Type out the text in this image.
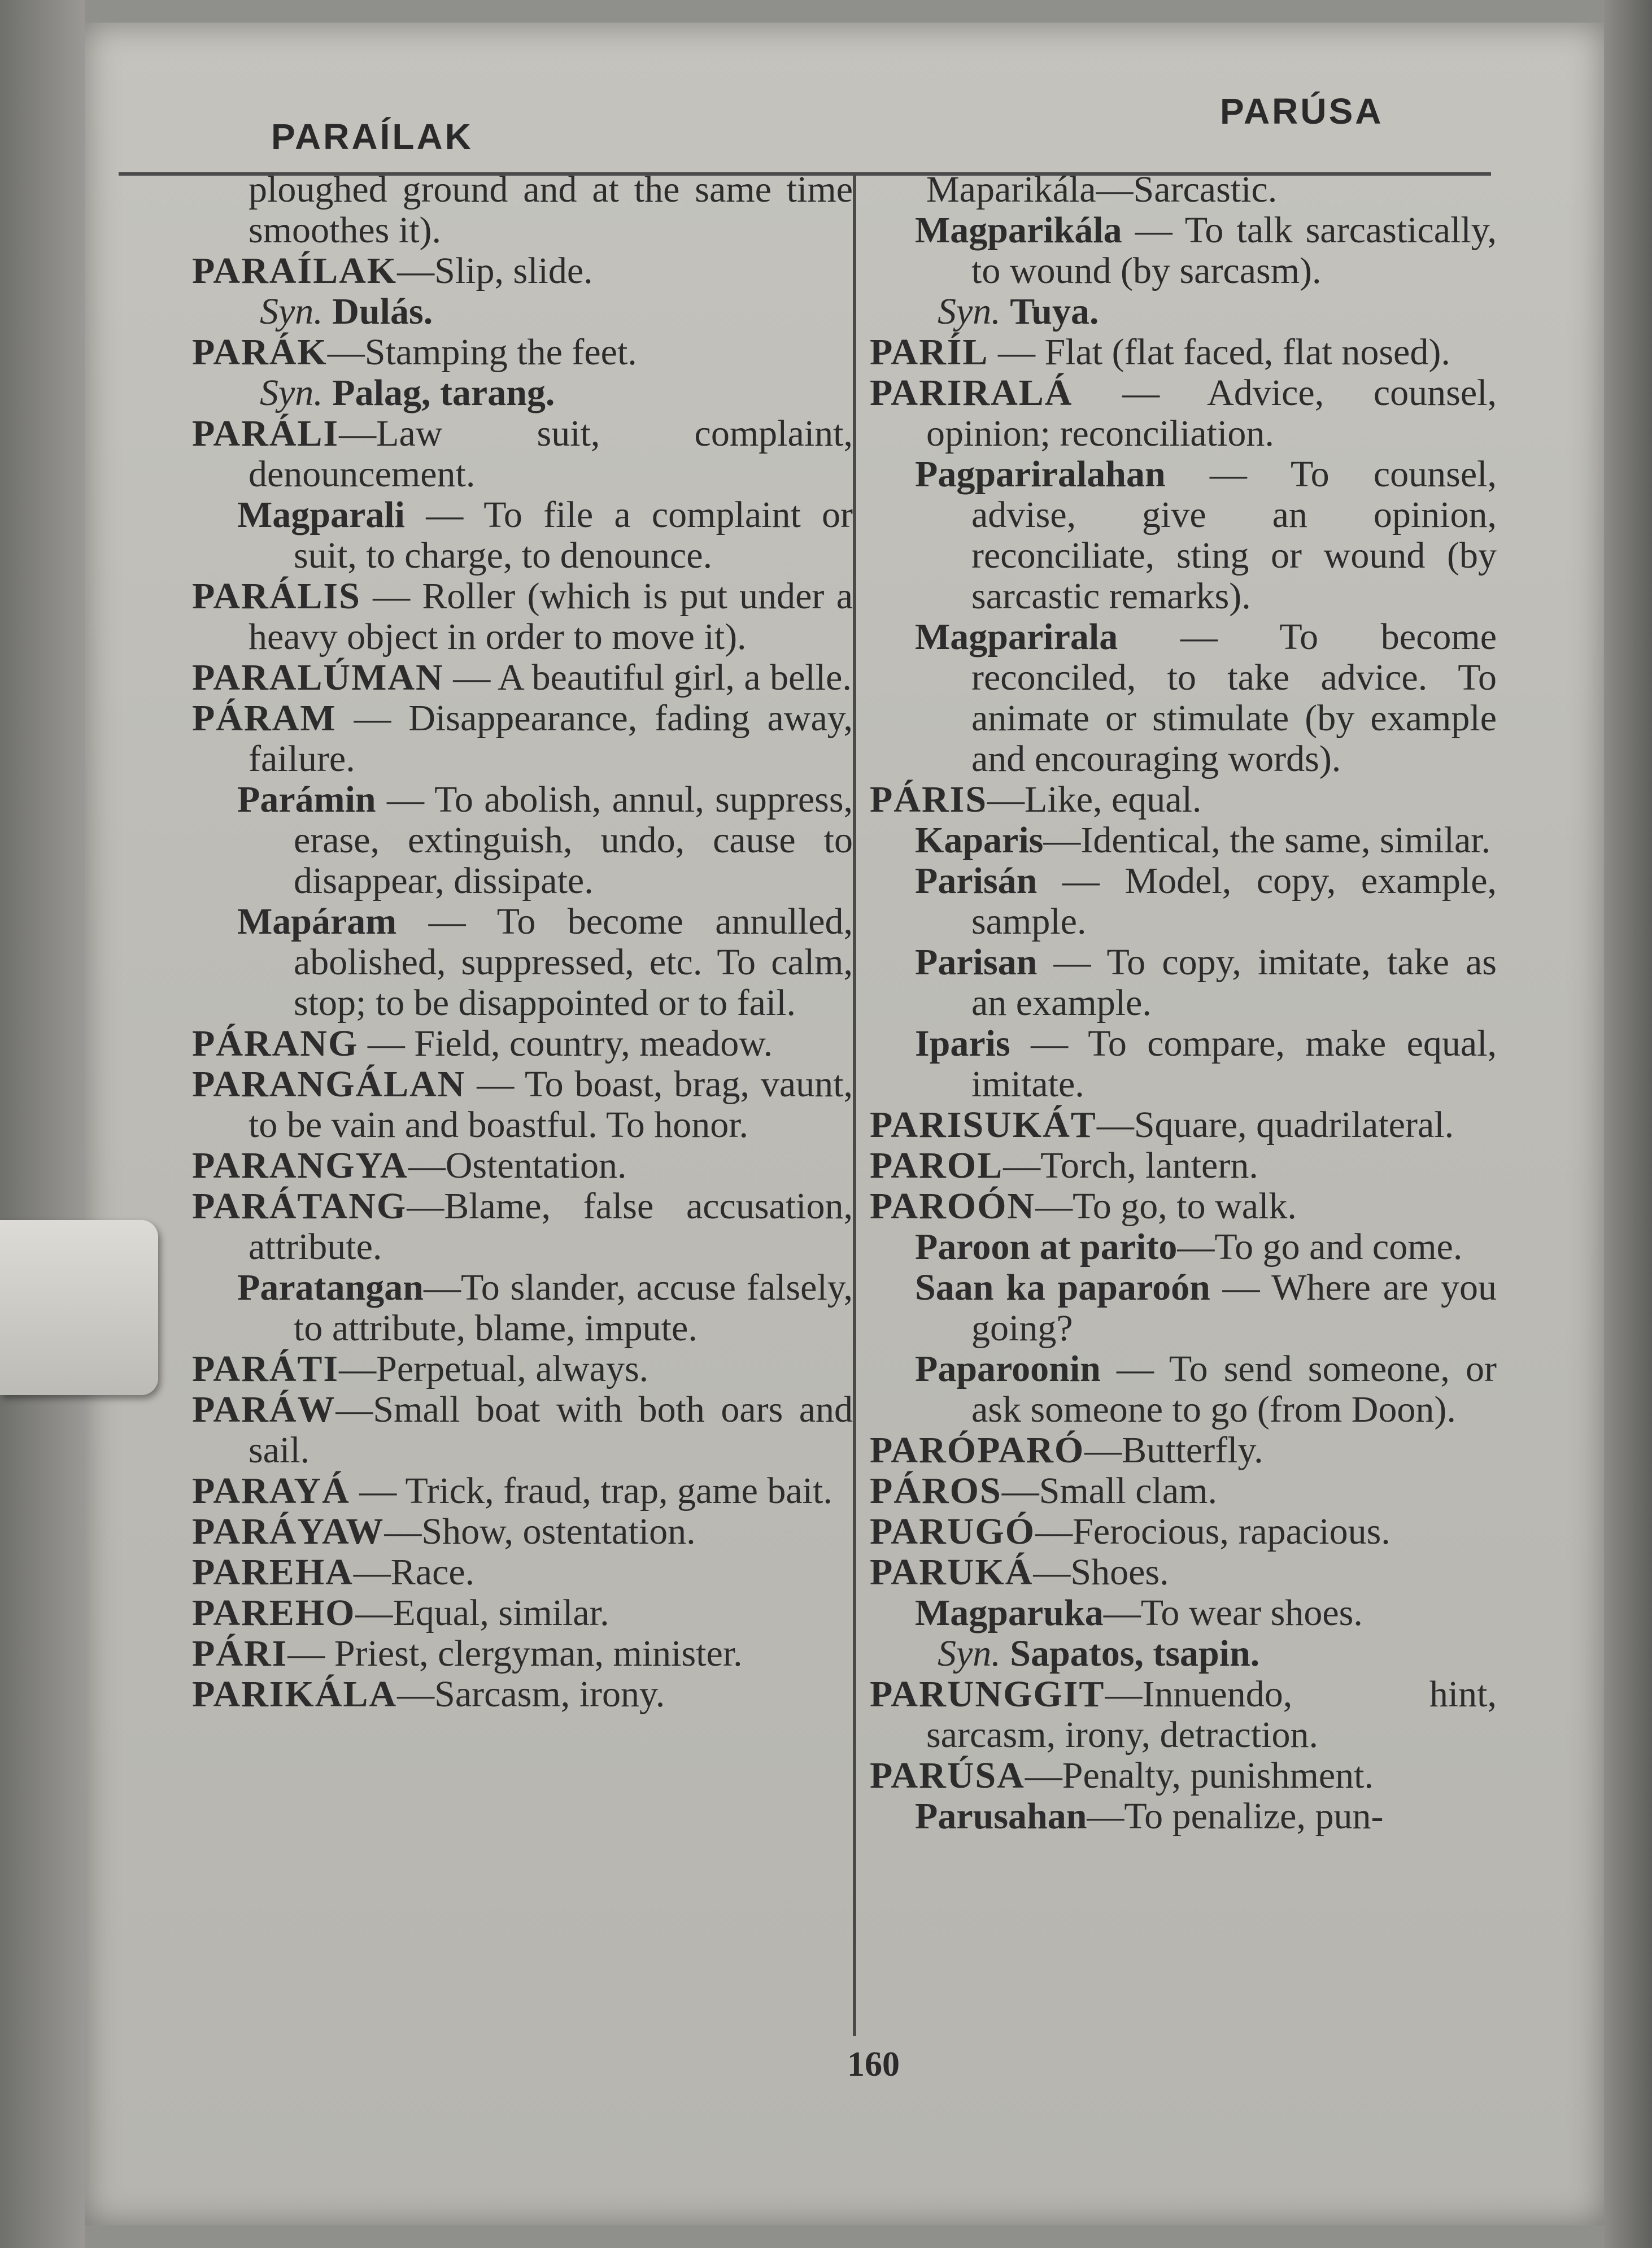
PARAÍLAK
PARÚSA

ploughed ground and at the same time smoothes it).

PARAÍLAK—Slip, slide.

Syn. Dulás.

PARÁK—Stamping the feet.

Syn. Palag, tarang.

PARÁLI—Law suit, complaint, denouncement.

Magparali — To file a complaint or suit, to charge, to denounce.

PARÁLIS — Roller (which is put under a heavy object in order to move it).

PARALÚMAN — A beautiful girl, a belle.

PÁRAM — Disappearance, fading away, failure.

Parámin — To abolish, annul, suppress, erase, extinguish, undo, cause to disappear, dissipate.

Mapáram — To become annulled, abolished, suppressed, etc. To calm, stop; to be disappointed or to fail.

PÁRANG — Field, country, meadow.

PARANGÁLAN — To boast, brag, vaunt, to be vain and boastful. To honor.

PARANGYA—Ostentation.

PARÁTANG—Blame, false accusation, attribute.

Paratangan—To slander, accuse falsely, to attribute, blame, impute.

PARÁTI—Perpetual, always.

PARÁW—Small boat with both oars and sail.

PARAYÁ — Trick, fraud, trap, game bait.

PARÁYAW—Show, ostentation.

PAREHA—Race.

PAREHO—Equal, similar.

PÁRI— Priest, clergyman, minister.

PARIKÁLA—Sarcasm, irony.

Maparikála—Sarcastic.

Magparikála — To talk sarcastically, to wound (by sarcasm).

Syn. Tuya.

PARÍL — Flat (flat faced, flat nosed).

PARIRALÁ — Advice, counsel, opinion; reconciliation.

Pagpariralahan — To counsel, advise, give an opinion, reconciliate, sting or wound (by sarcastic remarks).

Magparirala — To become reconciled, to take advice. To animate or stimulate (by example and encouraging words).

PÁRIS—Like, equal.

Kaparis—Identical, the same, similar.

Parisán — Model, copy, example, sample.

Parisan — To copy, imitate, take as an example.

Iparis — To compare, make equal, imitate.

PARISUKÁT—Square, quadrilateral.

PAROL—Torch, lantern.

PAROÓN—To go, to walk.

Paroon at parito—To go and come.

Saan ka paparoón — Where are you going?

Paparoonin — To send someone, or ask someone to go (from Doon).

PARÓPARÓ—Butterfly.

PÁROS—Small clam.

PARUGÓ—Ferocious, rapacious.

PARUKÁ—Shoes.

Magparuka—To wear shoes.

Syn. Sapatos, tsapin.

PARUNGGIT—Innuendo, hint, sarcasm, irony, detraction.

PARÚSA—Penalty, punishment.

Parusahan—To penalize, pun-

160
